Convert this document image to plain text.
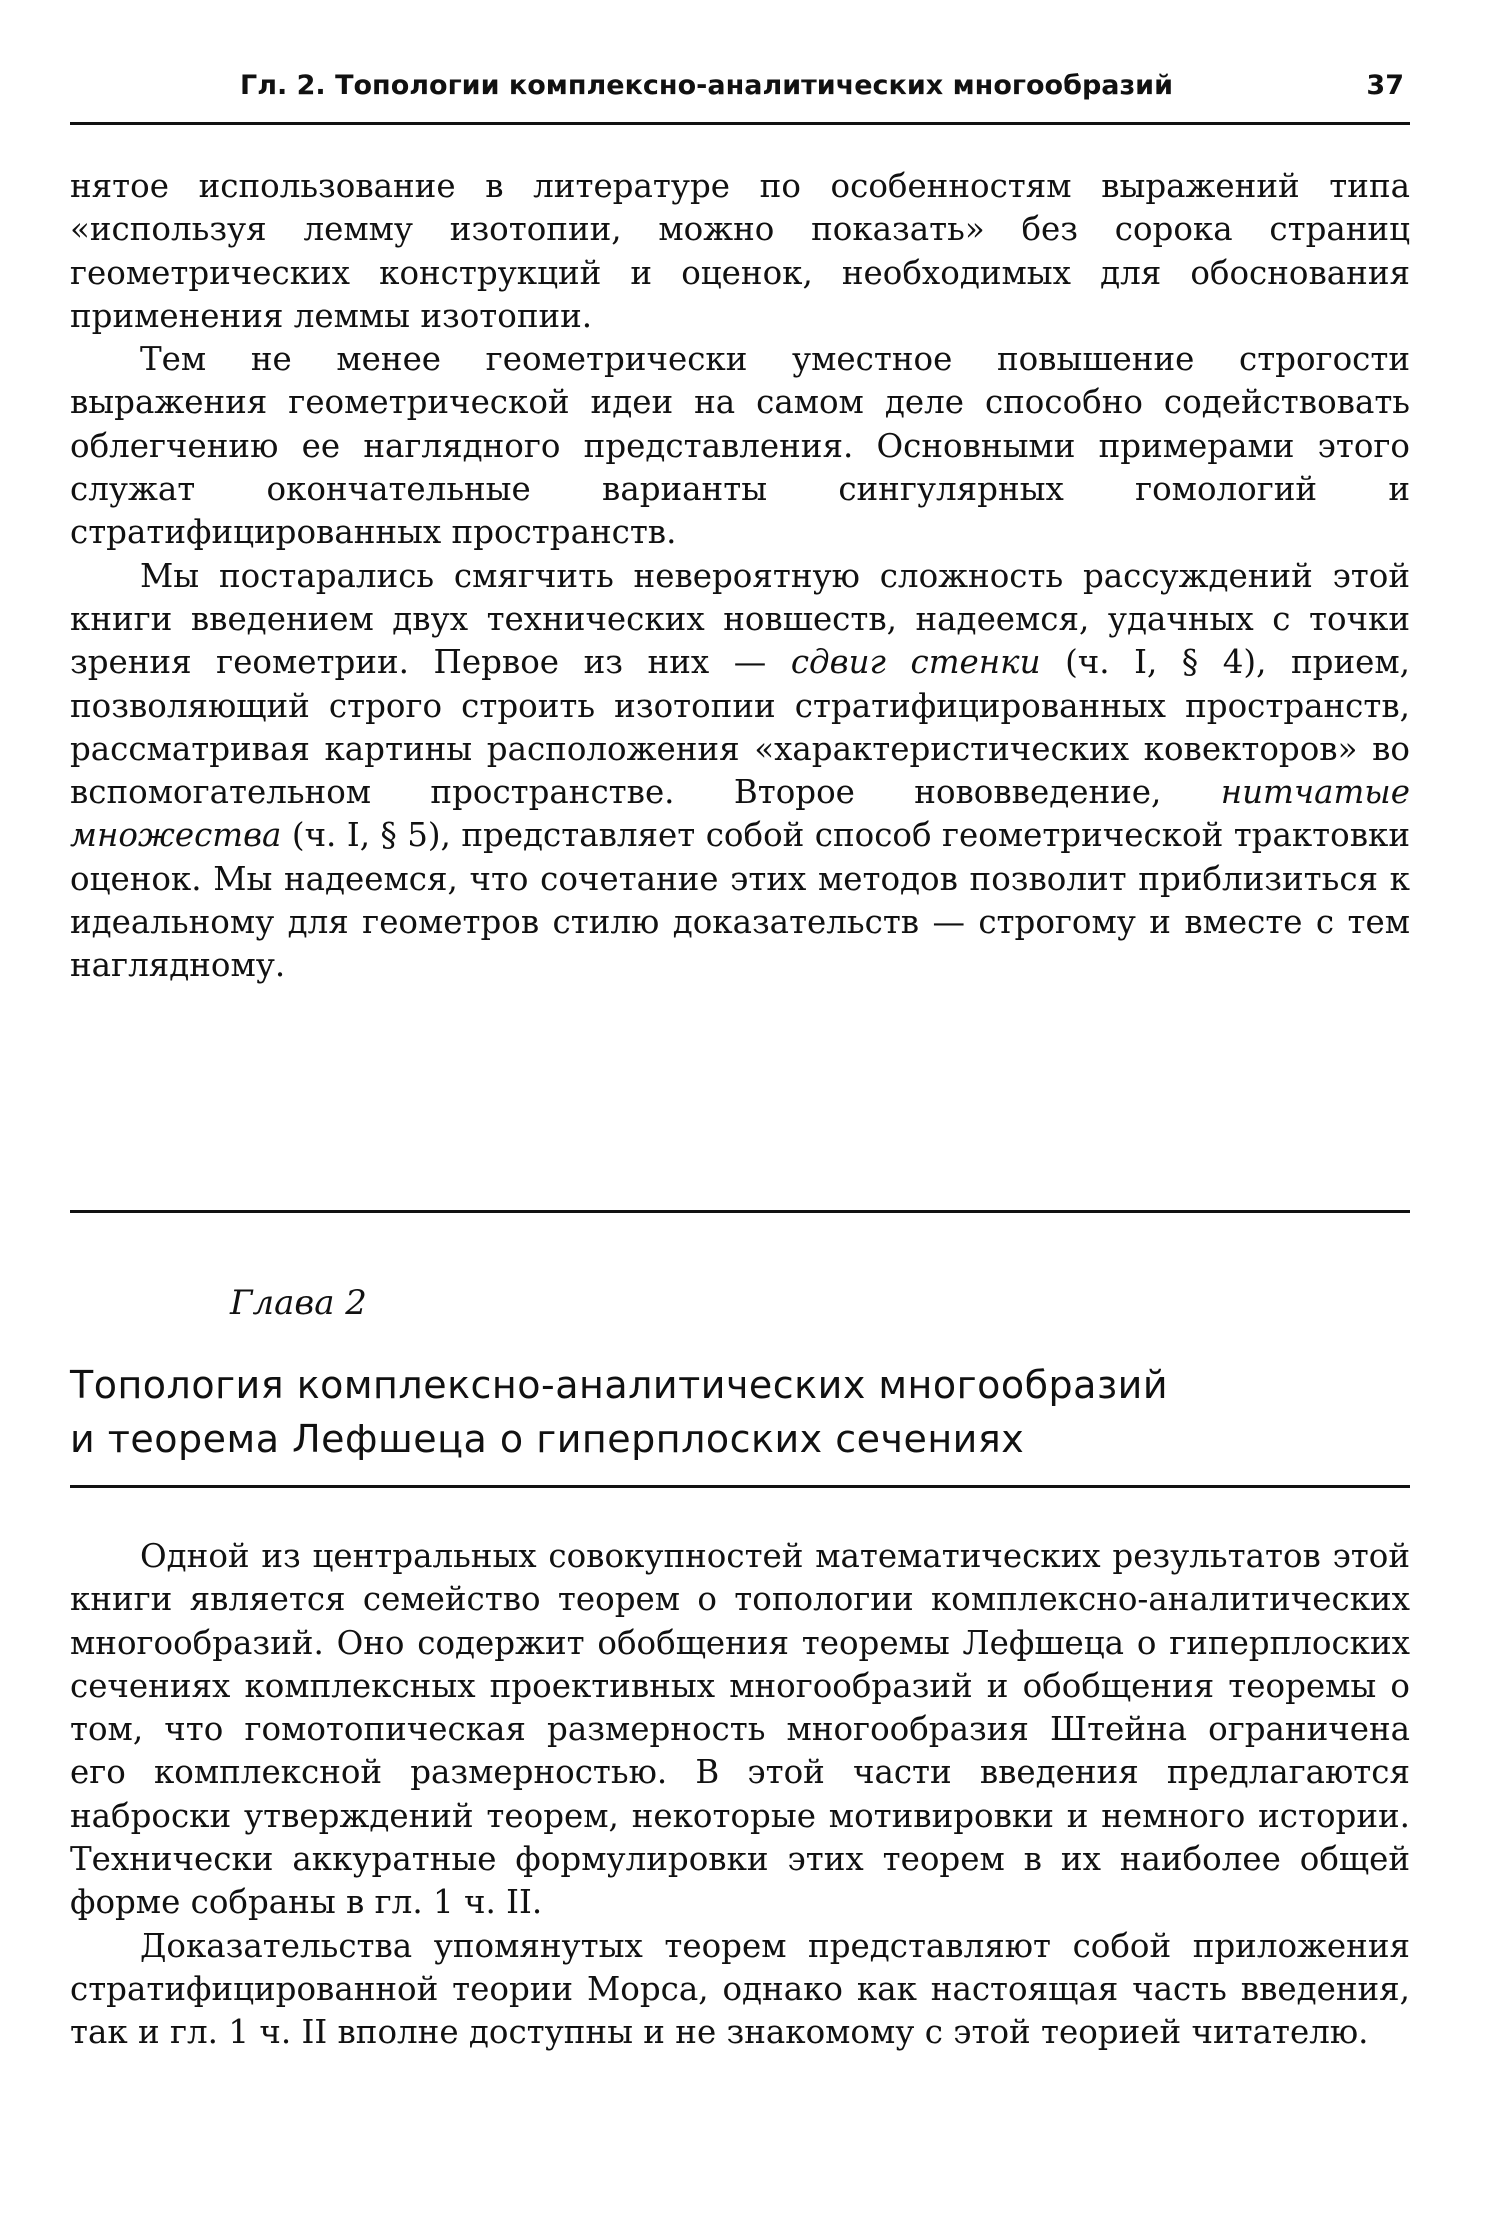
Гл. 2. Топологии комплексно-аналитических многообразий	37

нятое использование в литературе по особенностям выражений типа «используя лемму изотопии, можно показать» без сорока страниц геометрических конструкций и оценок, необходимых для обоснования применения леммы изотопии.

Тем не менее геометрически уместное повышение строгости выражения геометрической идеи на самом деле способно содействовать облегчению ее наглядного представления. Основными примерами этого служат окончательные варианты сингулярных гомологий и стратифицированных пространств.

Мы постарались смягчить невероятную сложность рассуждений этой книги введением двух технических новшеств, надеемся, удачных с точки зрения геометрии. Первое из них — сдвиг стенки (ч. I, § 4), прием, позволяющий строго строить изотопии стратифицированных пространств, рассматривая картины расположения «характеристических ковекторов» во вспомогательном пространстве. Второе нововведение, нитчатые множества (ч. I, § 5), представляет собой способ геометрической трактовки оценок. Мы надеемся, что сочетание этих методов позволит приблизиться к идеальному для геометров стилю доказательств — строгому и вместе с тем наглядному.

Глава 2
Топология комплексно-аналитических многообразий
и теорема Лефшеца о гиперплоских сечениях

Одной из центральных совокупностей математических результатов этой книги является семейство теорем о топологии комплексно-аналитических многообразий. Оно содержит обобщения теоремы Лефшеца о гиперплоских сечениях комплексных проективных многообразий и обобщения теоремы о том, что гомотопическая размерность многообразия Штейна ограничена его комплексной размерностью. В этой части введения предлагаются наброски утверждений теорем, некоторые мотивировки и немного истории. Технически аккуратные формулировки этих теорем в их наиболее общей форме собраны в гл. 1 ч. II.

Доказательства упомянутых теорем представляют собой приложения стратифицированной теории Морса, однако как настоящая часть введения, так и гл. 1 ч. II вполне доступны и не знакомому с этой теорией читателю.
